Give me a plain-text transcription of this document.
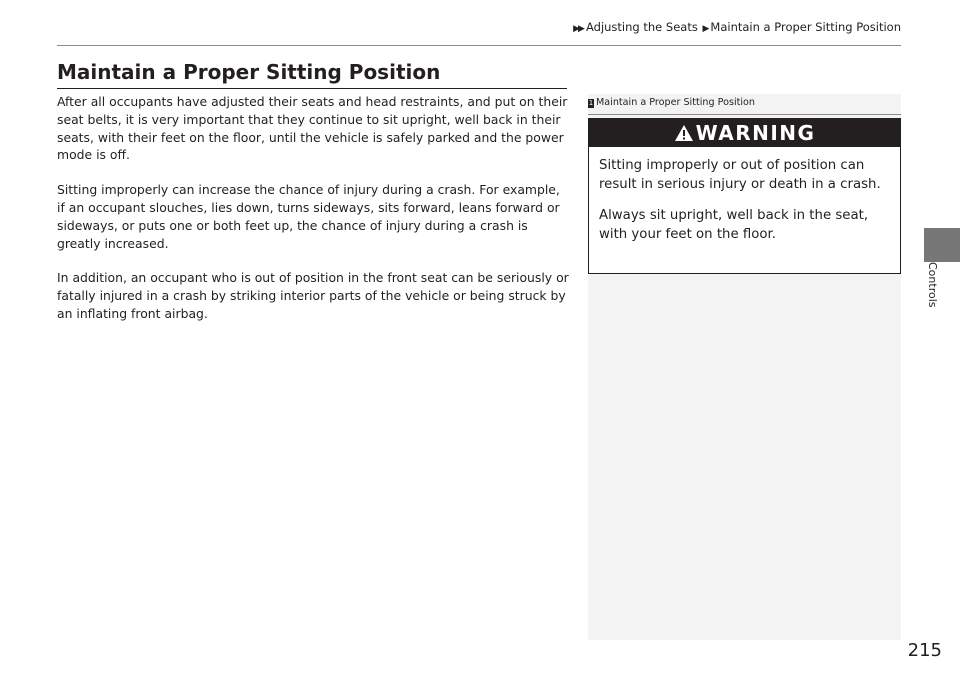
▶▶ Adjusting the Seats ▶ Maintain a Proper Sitting Position
Maintain a Proper Sitting Position

After all occupants have adjusted their seats and head restraints, and put on their seat belts, it is very important that they continue to sit upright, well back in their seats, with their feet on the floor, until the vehicle is safely parked and the power mode is off.

Sitting improperly can increase the chance of injury during a crash. For example, if an occupant slouches, lies down, turns sideways, sits forward, leans forward or sideways, or puts one or both feet up, the chance of injury during a crash is greatly increased.

In addition, an occupant who is out of position in the front seat can be seriously or fatally injured in a crash by striking interior parts of the vehicle or being struck by an inflating front airbag.

1 Maintain a Proper Sitting Position
WARNING

Sitting improperly or out of position can result in serious injury or death in a crash.

Always sit upright, well back in the seat, with your feet on the floor.

Controls
215
